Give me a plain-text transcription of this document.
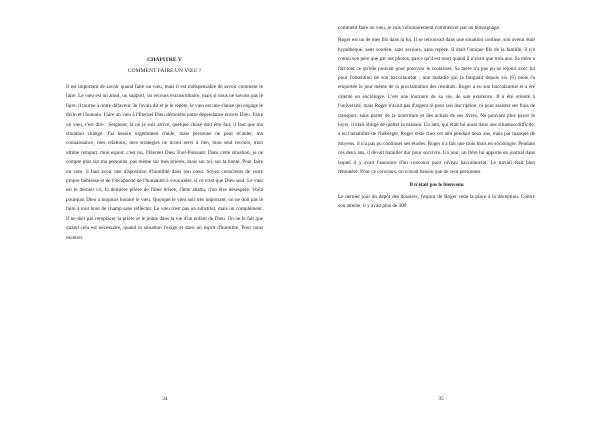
CHAPITRE V
COMMENT FAIRE UN VŒU ?

Il est important de savoir quand faire un vœu, mais il est indispensable de savoir comment le faire. Le vœu est un atout, un support, un recours extraordinaire, mais si nous ne savons pas le faire, il tourne à notre défaveur. Je l'avais dit et je le répète, le vœu est une clause qui engage le divin et l'humain. Faire un vœu à l'Eternel Dieu démontre notre dépendance envers Dieu. Faire un vœu, c'est dire : Seigneur, là où je suis arrivé, quelque chose doit être fait, il faut que ma situation change. J'ai besoin urgemment d'aide, mais personne ne peut m'aider, ma connaissance, mes relations, mes stratégies ne m'ont servi à rien, mon seul recours, mon ultime rempart, mon espoir, c'est toi, l'Eternel Dieu Tout-Puissant. Dans cette situation, je ne compte plus sur ma personne, pas même sur mes prières, mais sur toi, sur ta bonté. Pour faire un vœu, il faut avoir une disposition d'humilité dans son cœur. Soyez conscients de votre propre faiblesse et de l'incapacité de l'humanité à vous aider, si ce n'est que Dieu seul. Le vœu est le dernier cri, la dernière prière de l'âme brisée, l'âme abattu, d'un être désespéré. Voilà pourquoi Dieu a toujours honoré le vœu. Quoique le vœu soit très important, on ne doit pas le faire à tout bout de champ sans réfléchir. Le vœu n'est pas un substitut, mais un complément. Il ne doit pas remplacer la prière et le jeûne dans la vie d'un enfant de Dieu. On ne le fait que quand cela est nécessaire, quand la situation l'exige et dans un esprit d'humilité. Pour nous montrer

34

comment faire un vœu, je vais volontairement commencer par un témoignage.

Roger est un de mes fils dans la foi. Il se retrouvait dans une situation confuse, son avenir était hypothéqué, sans soutien, sans secours, sans repère. Il était l'unique fils de la famille, il n'a connu son père que par ses photos, parce qu'il est mort quand il n'avait que trois ans. Sa mère a fait tout ce qu'elle pouvait pour pourvoir le scolariser. Sa mère n'a pas pu se réjouir avec lui pour l'obtention de son baccalauréat ; une maladie qui la fatiguait depuis six (6) mois l'a emportée le jour même de la proclamation des résultats. Roger a eu son baccalauréat et a été orienté en sociologie. C'est une tournure de sa vie, de son existence. Il a été orienté à l'université, mais Roger n'avait pas d'argent ni pour son inscription, ni pour assister ses frais de transport, sans parler de la nourriture et des achats de ses livres. Ne pouvant plus payer le loyer, il était obligé de quitter la maison. Un ami, qui était lui aussi dans une situation difficile, a eu l'amabilité de l'héberger. Roger reste chez cet ami pendant deux ans, mais par manque de moyens, il n'a pas pu continuer ses études. Roger n'a fait que trois mois en sociologie. Pendant ces deux ans, il devait batailler dur pour survivre. Un jour, un frère lui apporte un journal dans lequel il y avait l'annonce d'un concours pour niveau baccalauréat. Le travail était bien rémunéré. Pour ce concours, on n'avait besoin que de cent personnes

Il n'était pas le bienvenu

Le dernier jour du dépôt des dossiers, l'espoir de Roger céda la place à la déception. Contre son attente, il y avait plus de 300

35
